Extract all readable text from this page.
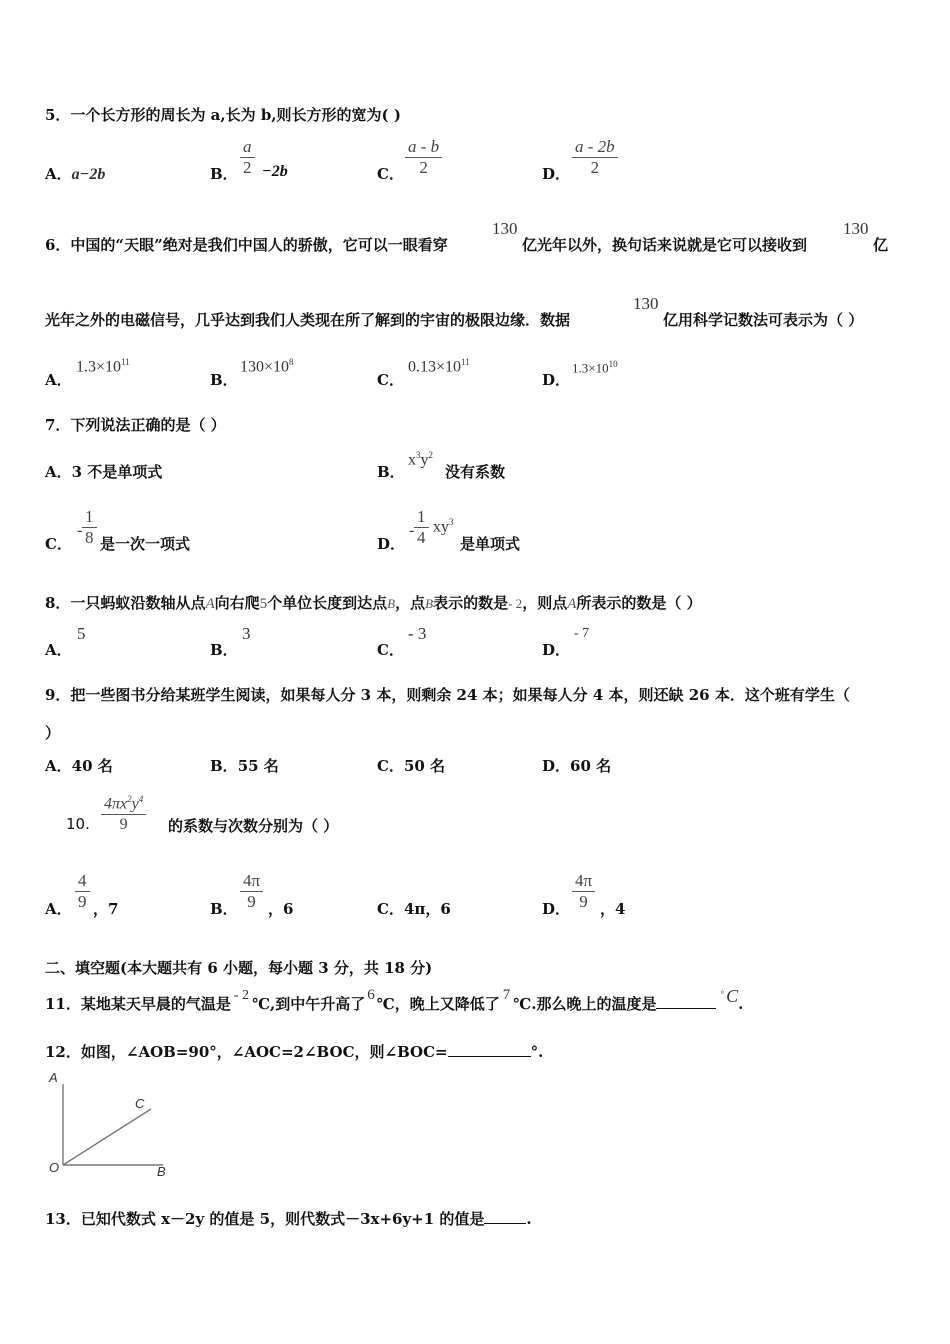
5．一个长方形的周长为 a,长为 b,则长方形的宽为( )
A．a−2b	B．
a
2 −2b	C．
a - b
2	D．
a - 2b
2
6．中国的“天眼”绝对是我们中国人的骄傲，它可以一眼看穿
130
亿光年以外，换句话来说就是它可以接收到
130
亿
光年之外的电磁信号，几乎达到我们人类现在所了解到的宇宙的极限边缘．数据
130
亿用科学记数法可表示为（ ）
A．
$1.3\times 10^{11}$
B．
$130\times 10^8$
C．
$0.13\times 10^{11}$
D．
$1.3\times 10^{10}$
7．下列说法正确的是（ ）
A．3 不是单项式	B．
$x^3y^2$
没有系数
C．
-
1
8 是一次一项式	D．
-
1
4
$xy^3$
是单项式
8．一只蚂蚁沿数轴从点A向右爬5个单位长度到达点B，点B表示的数是- 2，则点A所表示的数是（ ）
A．
5
B．
3
C．
- 3
D．
- 7
9．把一些图书分给某班学生阅读，如果每人分 3 本，则剩余 24 本；如果每人分 4 本，则还缺 26 本．这个班有学生（
）
A．40 名	B．55 名	C．50 名	D．60 名
10.
$4\pi x^2y^4$
9	的系数与次数分别为（ ）
A．
4
9 ，7	B．
4π
9 ，6	C．4π，6	D．
4π
9 ，4
二、填空题(本大题共有 6 小题，每小题 3 分，共 18 分)
11．某地某天早晨的气温是 - 2 ℃,到中午升高了 6 ℃，晚上又降低了 7 ℃.那么晚上的温度是° C.
12．如图，∠AOB=90°，∠AOC=2∠BOC，则∠BOC=	°.
A
C
O	B
13．已知代数式 x－2y 的值是 5，则代数式－3x+6y+1 的值是	.
